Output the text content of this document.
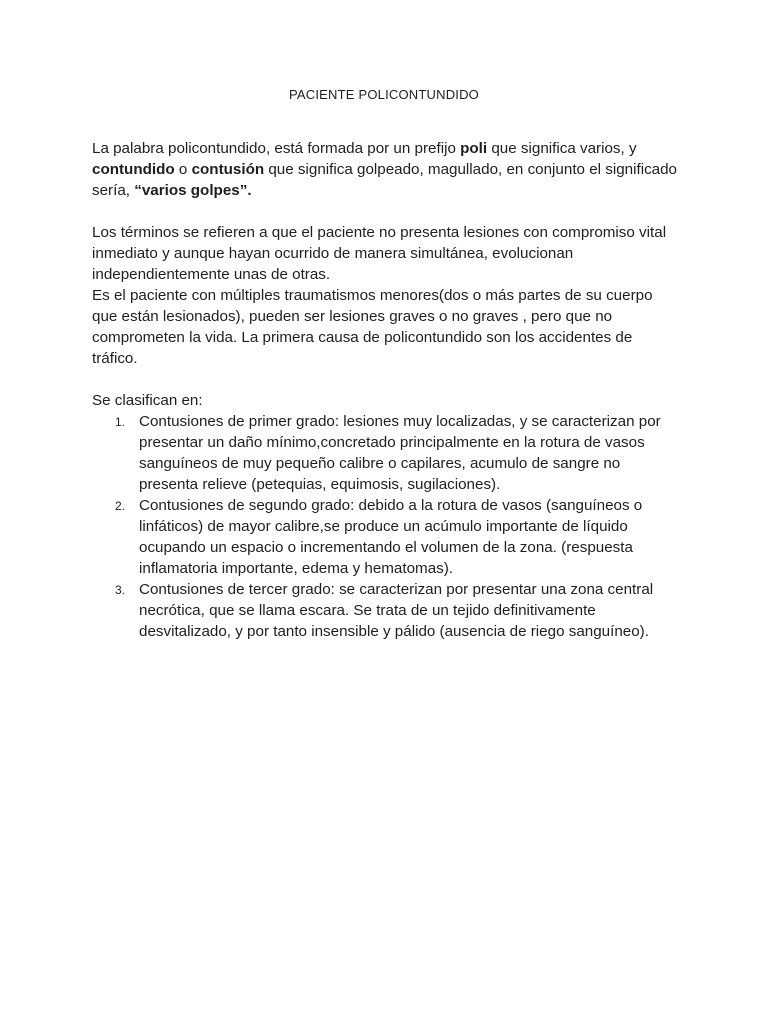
PACIENTE POLICONTUNDIDO

La palabra policontundido, está formada por un prefijo poli que significa varios, y contundido o contusión que significa golpeado, magullado, en conjunto el significado sería, “varios golpes”.

Los términos se refieren a que el paciente no presenta lesiones con compromiso vital inmediato y aunque hayan ocurrido de manera simultánea, evolucionan independientemente unas de otras.

Es el paciente con múltiples traumatismos menores(dos o más partes de su cuerpo que están lesionados), pueden ser lesiones graves o no graves , pero que no comprometen la vida. La primera causa de policontundido son los accidentes de tráfico.

Se clasifican en:

1. Contusiones de primer grado: lesiones muy localizadas, y se caracterizan por presentar un daño mínimo,concretado principalmente en la rotura de vasos sanguíneos de muy pequeño calibre o capilares, acumulo de sangre no presenta relieve (petequias, equimosis, sugilaciones).
2. Contusiones de segundo grado: debido a la rotura de vasos (sanguíneos o linfáticos) de mayor calibre,se produce un acúmulo importante de líquido ocupando un espacio o incrementando el volumen de la zona. (respuesta inflamatoria importante, edema y hematomas).
3. Contusiones de tercer grado: se caracterizan por presentar una zona central necrótica, que se llama escara. Se trata de un tejido definitivamente desvitalizado, y por tanto insensible y pálido (ausencia de riego sanguíneo).
